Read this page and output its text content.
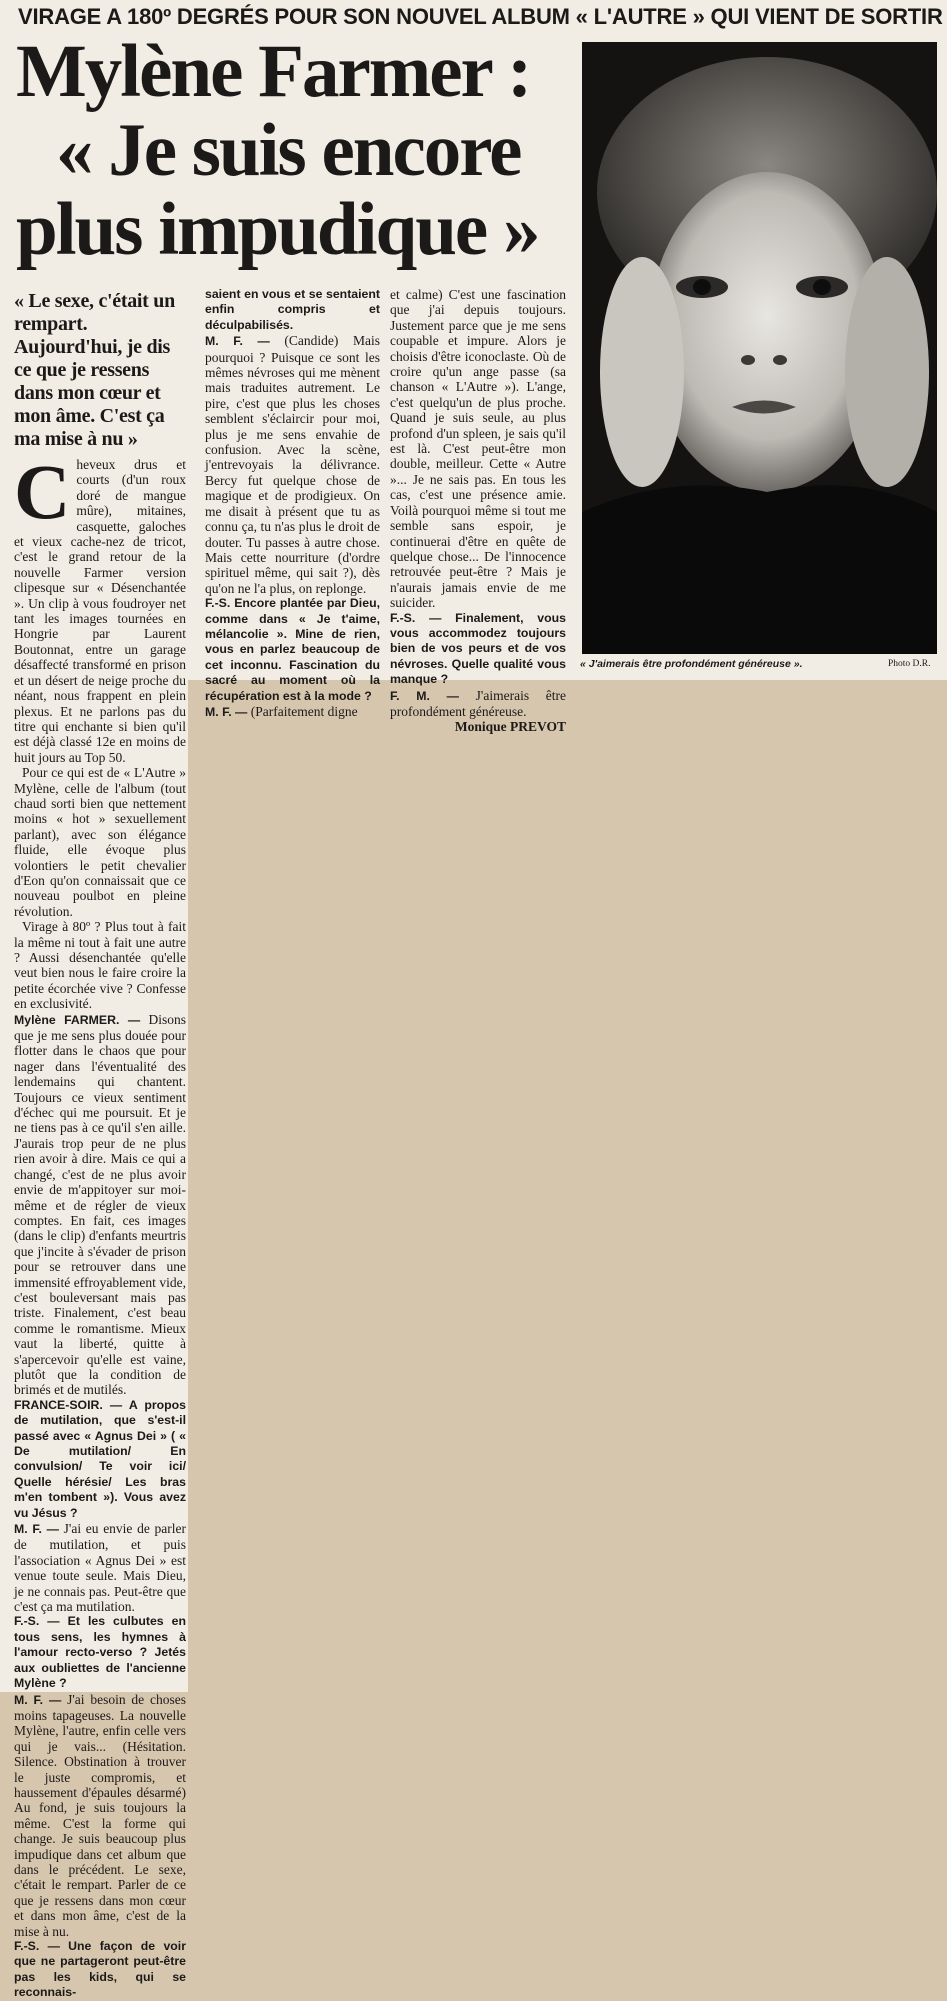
VIRAGE A 180º DEGRÉS POUR SON NOUVEL ALBUM « L'AUTRE » QUI VIENT DE SORTIR
Mylène Farmer :
« Je suis encore
plus impudique »
« J'aimerais être profondément généreuse ».	Photo D.R.
« Le sexe, c'était un rempart. Aujourd'hui, je dis ce que je ressens dans mon cœur et mon âme. C'est ça ma mise à nu »

Cheveux drus et courts (d'un roux doré de mangue mûre), mitaines, casquette, galoches et vieux cache-nez de tricot, c'est le grand retour de la nouvelle Farmer version clipesque sur « Désenchantée ». Un clip à vous foudroyer net tant les images tournées en Hongrie par Laurent Boutonnat, entre un garage désaffecté transformé en prison et un désert de neige proche du néant, nous frappent en plein plexus. Et ne parlons pas du titre qui enchante si bien qu'il est déjà classé 12e en moins de huit jours au Top 50.

Pour ce qui est de « L'Autre » Mylène, celle de l'album (tout chaud sorti bien que nettement moins « hot » sexuellement parlant), avec son élégance fluide, elle évoque plus volontiers le petit chevalier d'Eon qu'on connaissait que ce nouveau poulbot en pleine révolution.

Virage à 80º ? Plus tout à fait la même ni tout à fait une autre ? Aussi désenchantée qu'elle veut bien nous le faire croire la petite écorchée vive ? Confesse en exclusivité.

Mylène FARMER. — Disons que je me sens plus douée pour flotter dans le chaos que pour nager dans l'éventualité des lendemains qui chantent. Toujours ce vieux sentiment d'échec qui me poursuit. Et je ne tiens pas à ce qu'il s'en aille. J'aurais trop peur de ne plus rien avoir à dire. Mais ce qui a changé, c'est de ne plus avoir envie de m'appitoyer sur moi-même et de régler de vieux comptes. En fait, ces images (dans le clip) d'enfants meurtris que j'incite à s'évader de prison pour se retrouver dans une immensité effroyablement vide, c'est bouleversant mais pas triste. Finalement, c'est beau comme le romantisme. Mieux vaut la liberté, quitte à s'apercevoir qu'elle est vaine, plutôt que la condition de brimés et de mutilés.

FRANCE-SOIR. — A propos de mutilation, que s'est-il passé avec « Agnus Dei » ( « De mutilation/ En convulsion/ Te voir ici/ Quelle hérésie/ Les bras m'en tombent »). Vous avez vu Jésus ?

M. F. — J'ai eu envie de parler de mutilation, et puis l'association « Agnus Dei » est venue toute seule. Mais Dieu, je ne connais pas. Peut-être que c'est ça ma mutilation.

F.-S. — Et les culbutes en tous sens, les hymnes à l'amour recto-verso ? Jetés aux oubliettes de l'ancienne Mylène ?

M. F. — J'ai besoin de choses moins tapageuses. La nouvelle Mylène, l'autre, enfin celle vers qui je vais... (Hésitation. Silence. Obstination à trouver le juste compromis, et haussement d'épaules désarmé) Au fond, je suis toujours la même. C'est la forme qui change. Je suis beaucoup plus impudique dans cet album que dans le précédent. Le sexe, c'était le rempart. Parler de ce que je ressens dans mon cœur et dans mon âme, c'est de la mise à nu.

F.-S. — Une façon de voir que ne partageront peut-être pas les kids, qui se reconnais-

saient en vous et se sentaient enfin compris et déculpabilisés.

M. F. — (Candide) Mais pourquoi ? Puisque ce sont les mêmes névroses qui me mènent mais traduites autrement. Le pire, c'est que plus les choses semblent s'éclaircir pour moi, plus je me sens envahie de confusion. Avec la scène, j'entrevoyais la délivrance. Bercy fut quelque chose de magique et de prodigieux. On me disait à présent que tu as connu ça, tu n'as plus le droit de douter. Tu passes à autre chose. Mais cette nourriture (d'ordre spirituel même, qui sait ?), dès qu'on ne l'a plus, on replonge.

F.-S. Encore plantée par Dieu, comme dans « Je t'aime, mélancolie ». Mine de rien, vous en parlez beaucoup de cet inconnu. Fascination du sacré au moment où la récupération est à la mode ?

M. F. — (Parfaitement digne

et calme) C'est une fascination que j'ai depuis toujours. Justement parce que je me sens coupable et impure. Alors je choisis d'être iconoclaste. Où de croire qu'un ange passe (sa chanson « L'Autre »). L'ange, c'est quelqu'un de plus proche. Quand je suis seule, au plus profond d'un spleen, je sais qu'il est là. C'est peut-être mon double, meilleur. Cette « Autre »... Je ne sais pas. En tous les cas, c'est une présence amie. Voilà pourquoi même si tout me semble sans espoir, je continuerai d'être en quête de quelque chose... De l'innocence retrouvée peut-être ? Mais je n'aurais jamais envie de me suicider.

F.-S. — Finalement, vous vous accommodez toujours bien de vos peurs et de vos névroses. Quelle qualité vous manque ?

F. M. — J'aimerais être profondément généreuse.

Monique PREVOT
